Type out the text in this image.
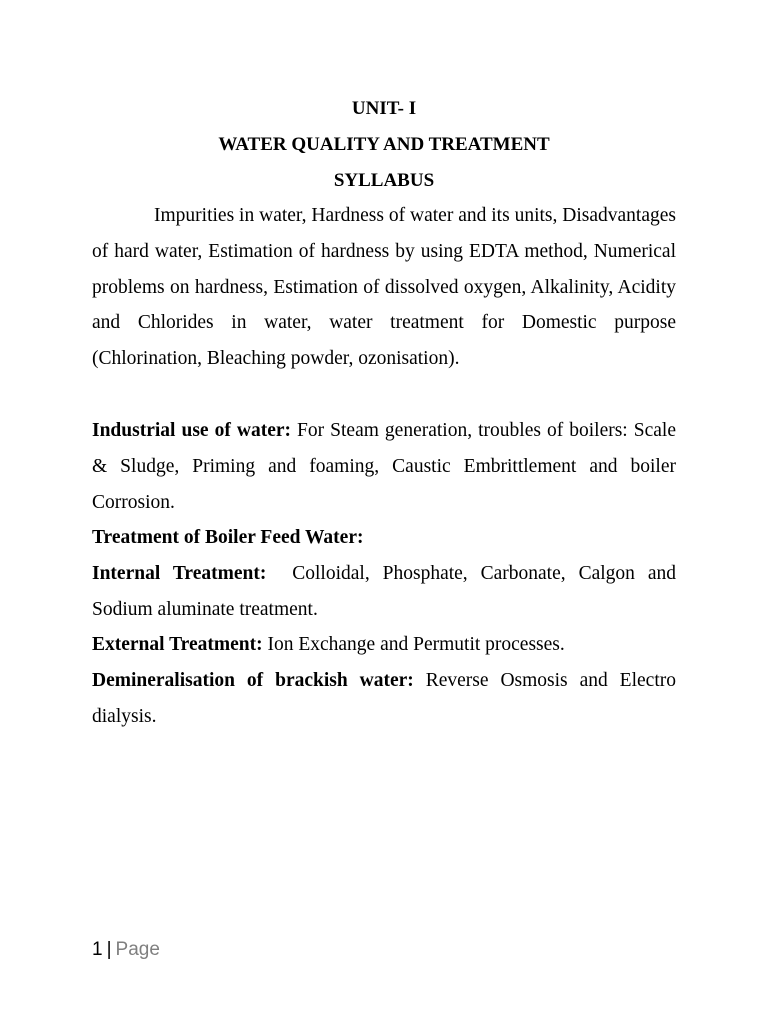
UNIT- I

WATER QUALITY AND TREATMENT

SYLLABUS

Impurities in water, Hardness of water and its units, Disadvantages of hard water, Estimation of hardness by using EDTA method, Numerical problems on hardness, Estimation of dissolved oxygen, Alkalinity, Acidity and Chlorides in water, water treatment for Domestic purpose (Chlorination, Bleaching powder, ozonisation).

Industrial use of water: For Steam generation, troubles of boilers: Scale & Sludge, Priming and foaming, Caustic Embrittlement and boiler Corrosion.

Treatment of Boiler Feed Water:

Internal Treatment:  Colloidal, Phosphate, Carbonate, Calgon and Sodium aluminate treatment.

External Treatment: Ion Exchange and Permutit processes.

Demineralisation of brackish water: Reverse Osmosis and Electro dialysis.

1 | Page
